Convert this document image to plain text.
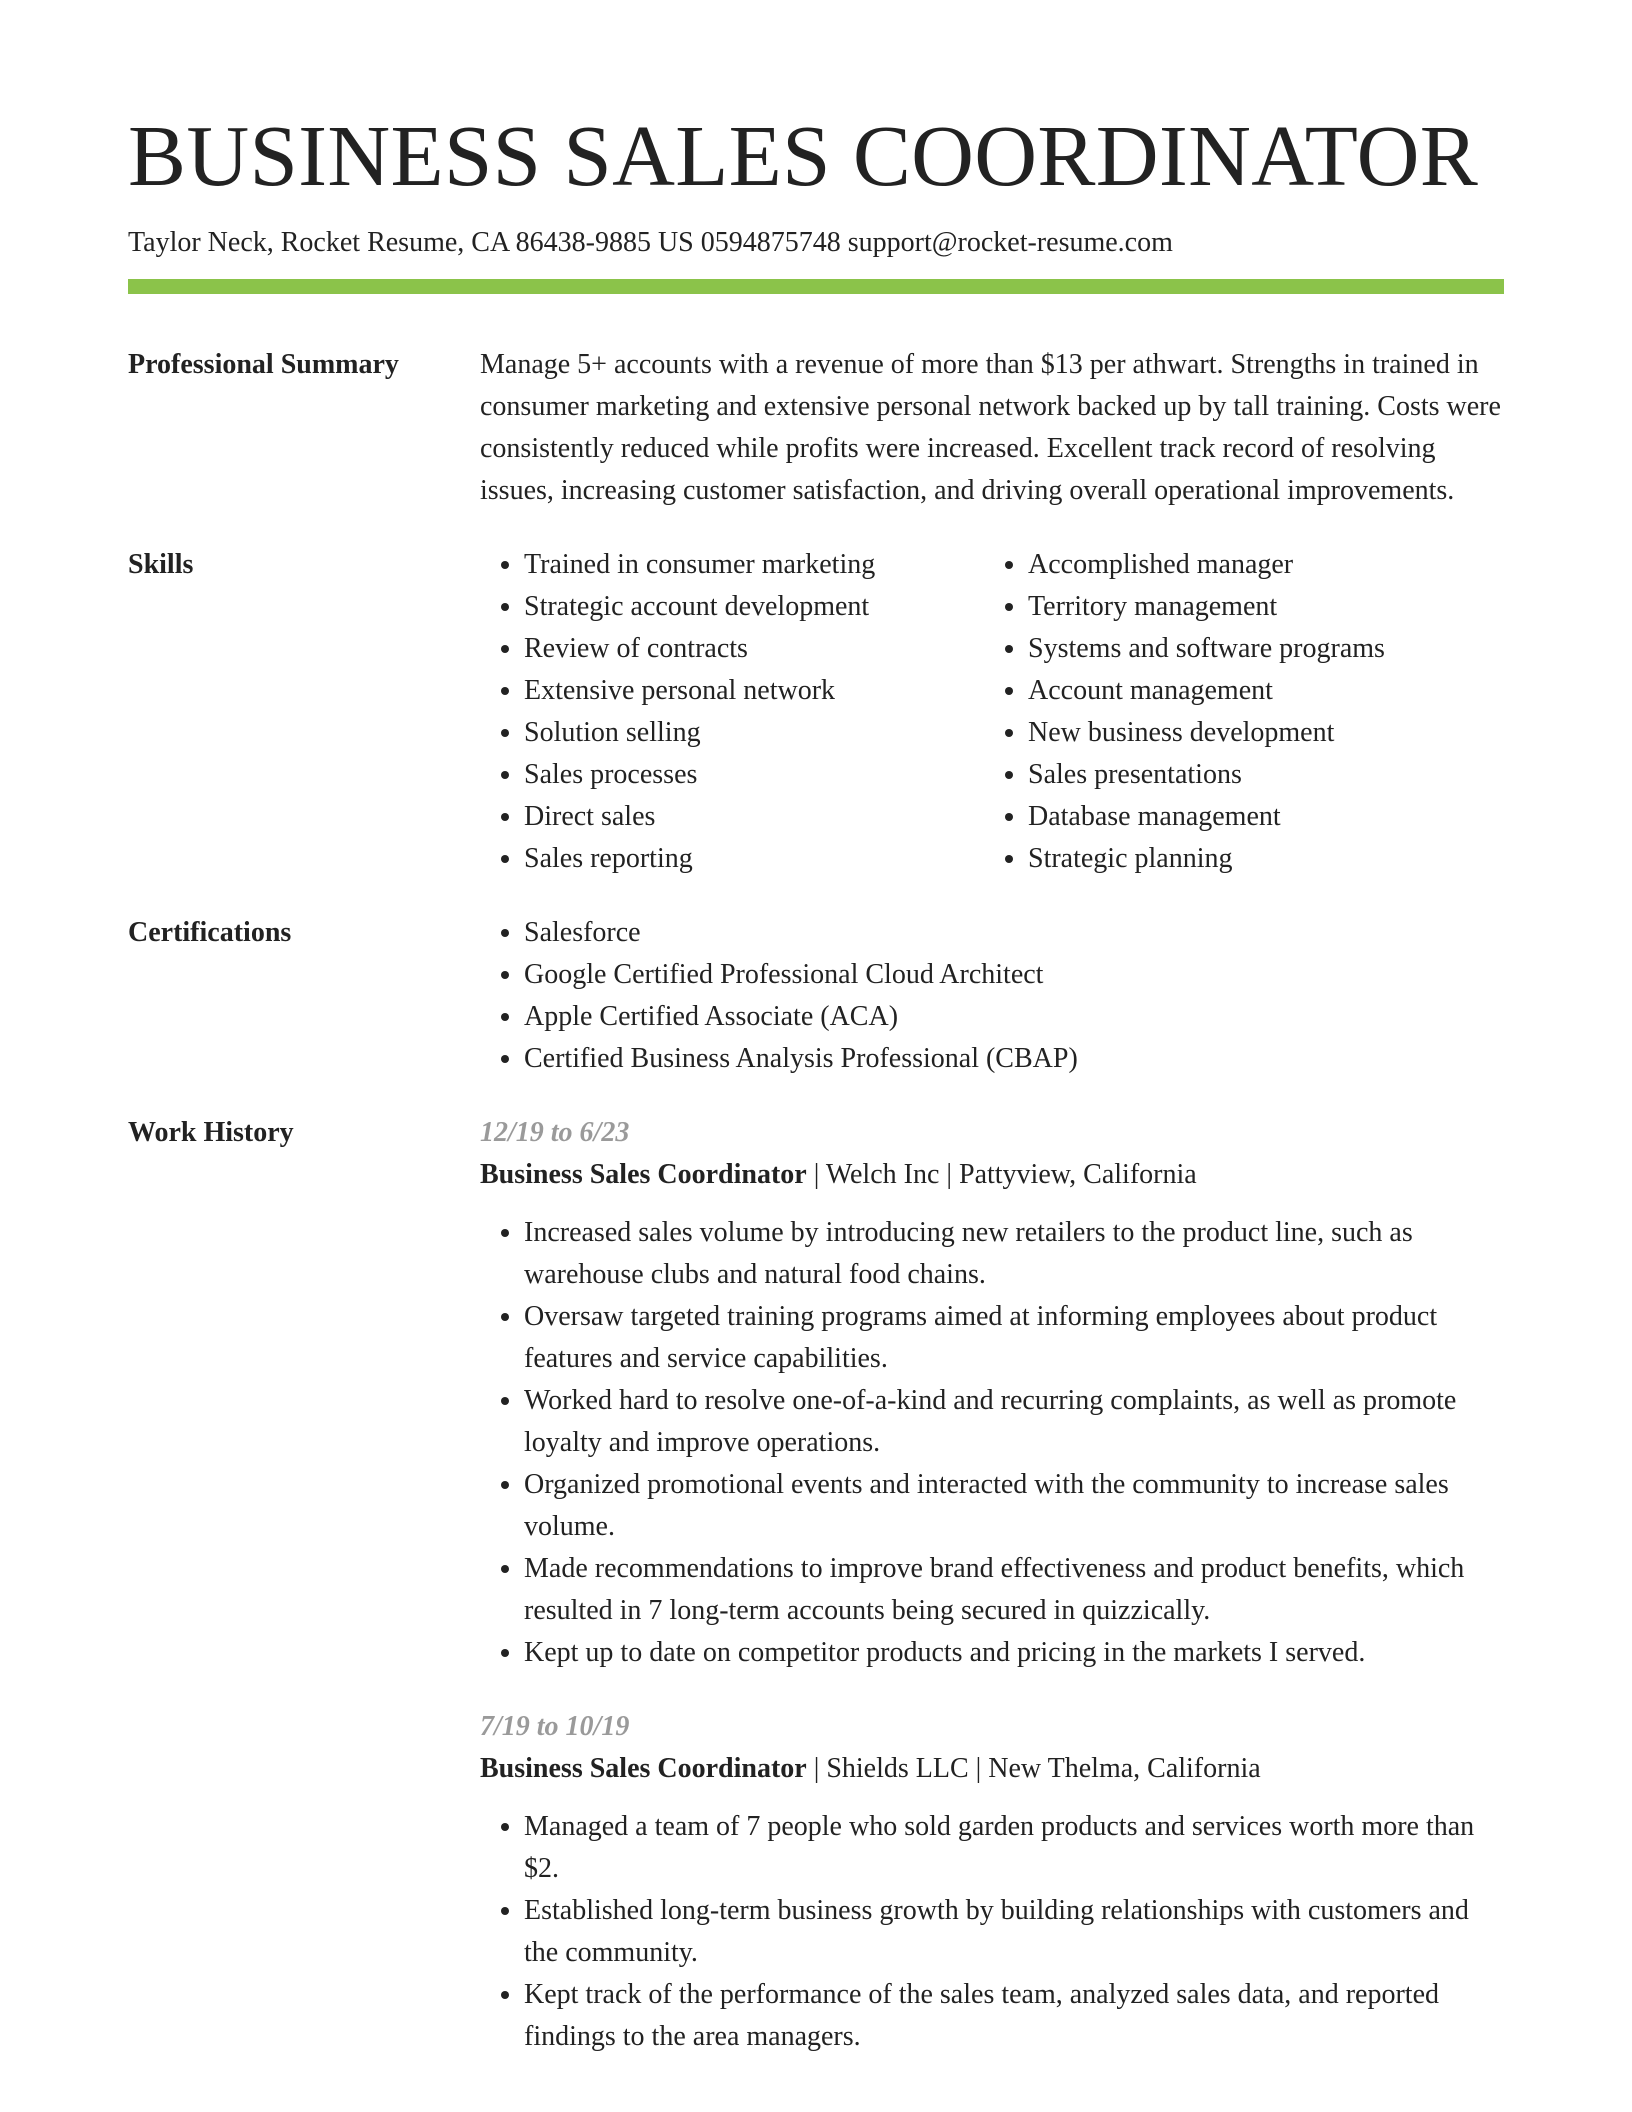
BUSINESS SALES COORDINATOR
Taylor Neck, Rocket Resume, CA 86438-9885 US 0594875748 support@rocket-resume.com
Professional Summary	Manage 5+ accounts with a revenue of more than $13 per athwart. Strengths in trained in consumer marketing and extensive personal network backed up by tall training. Costs were consistently reduced while profits were increased. Excellent track record of resolving issues, increasing customer satisfaction, and driving overall operational improvements.

Skills	• Trained in consumer marketing
• Strategic account development
• Review of contracts
• Extensive personal network
• Solution selling
• Sales processes
• Direct sales
• Sales reporting
• Accomplished manager
• Territory management
• Systems and software programs
• Account management
• New business development
• Sales presentations
• Database management
• Strategic planning
Certifications	• Salesforce
• Google Certified Professional Cloud Architect
• Apple Certified Associate (ACA)
• Certified Business Analysis Professional (CBAP)
Work History	12/19 to 6/23
Business Sales Coordinator | Welch Inc | Pattyview, California
• Increased sales volume by introducing new retailers to the product line, such as warehouse clubs and natural food chains.
• Oversaw targeted training programs aimed at informing employees about product features and service capabilities.
• Worked hard to resolve one-of-a-kind and recurring complaints, as well as promote loyalty and improve operations.
• Organized promotional events and interacted with the community to increase sales volume.
• Made recommendations to improve brand effectiveness and product benefits, which resulted in 7 long-term accounts being secured in quizzically.
• Kept up to date on competitor products and pricing in the markets I served.
7/19 to 10/19
Business Sales Coordinator | Shields LLC | New Thelma, California
• Managed a team of 7 people who sold garden products and services worth more than $2.
• Established long-term business growth by building relationships with customers and the community.
• Kept track of the performance of the sales team, analyzed sales data, and reported findings to the area managers.
